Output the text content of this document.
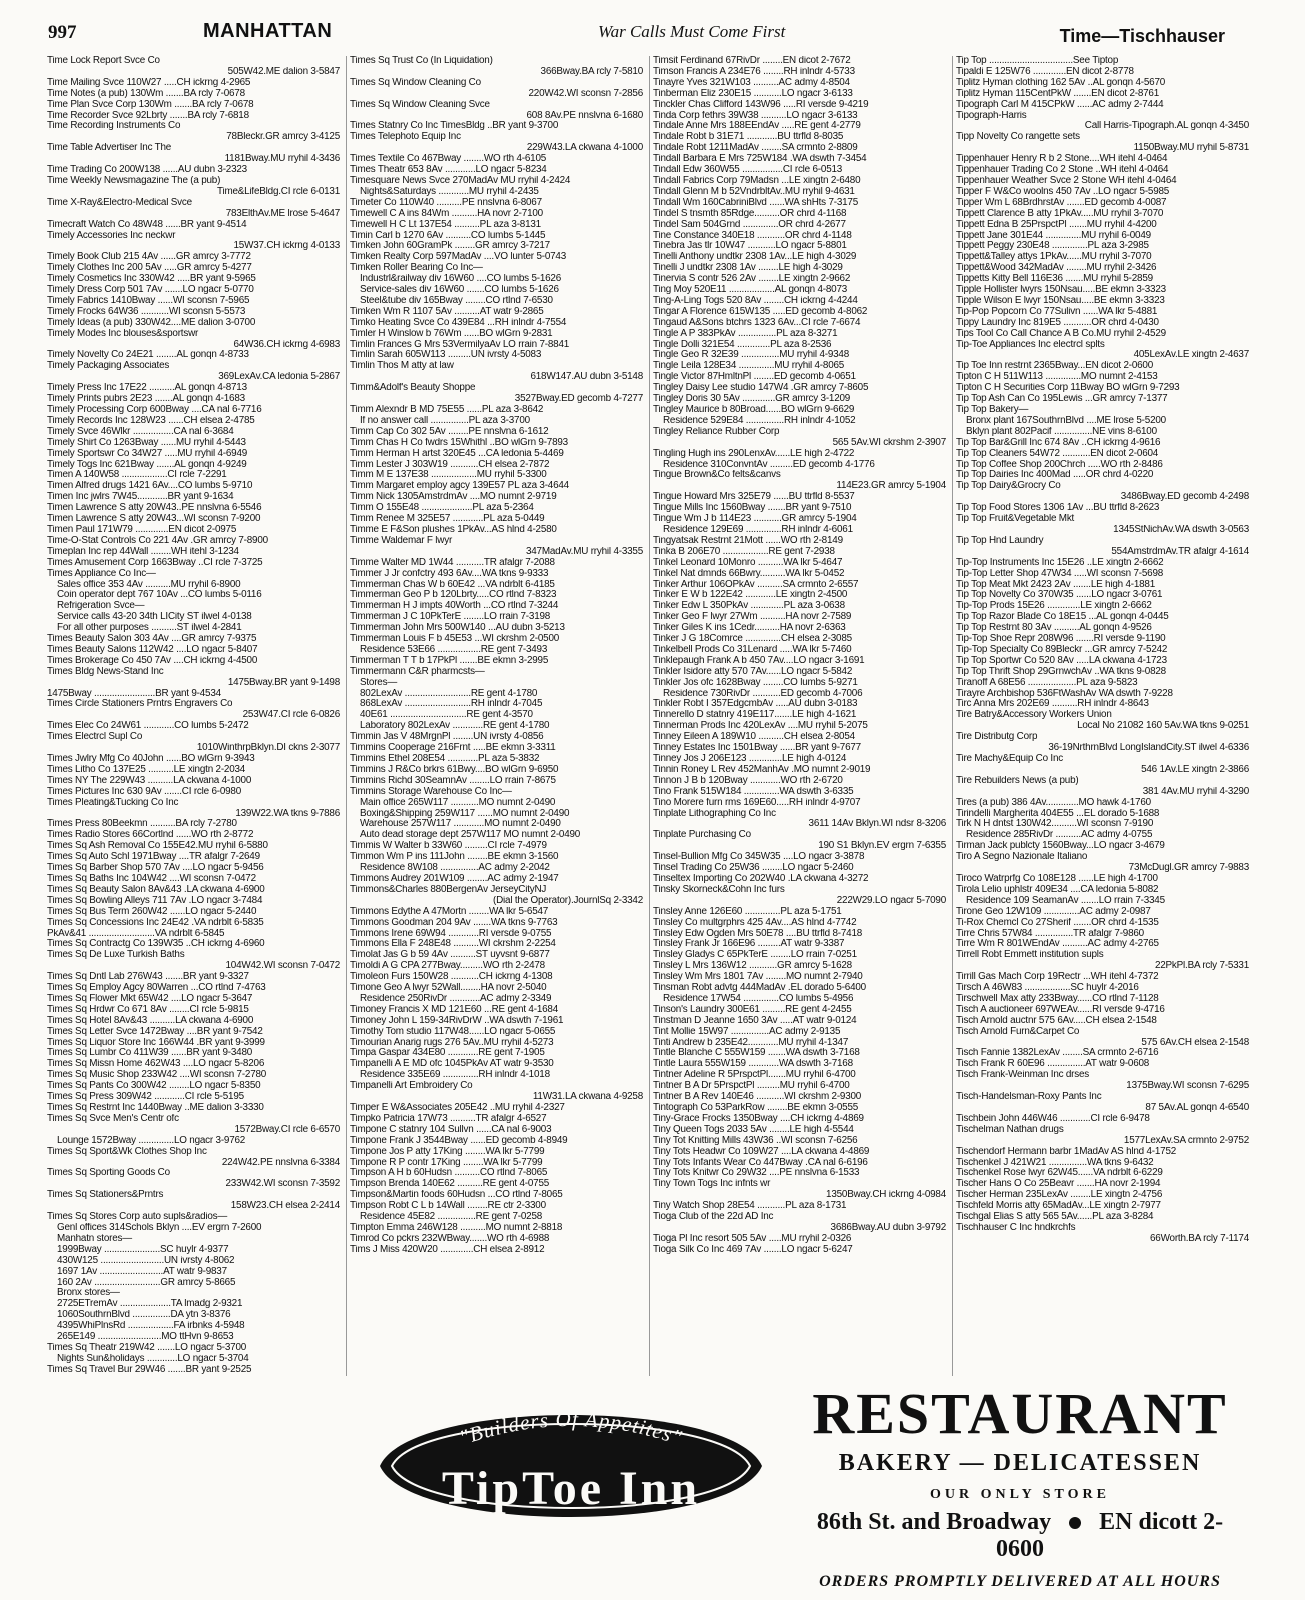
997	MANHATTAN	War Calls Must Come First	Time—Tischhauser
Time Lock Report Svce Co
505W42.ME dalion 3-5847
Time Mailing Svce 110W27 .....CH ickrng 4-2965
Time Notes (a pub) 130Wm .......BA rcly 7-0678
Time Plan Svce Corp 130Wm .......BA rcly 7-0678
Time Recorder Svce 92Lbrty .......BA rcly 7-6818
Time Recording Instruments Co
78Bleckr.GR amrcy 3-4125
Time Table Advertiser Inc The
1181Bway.MU rryhil 4-3436
Time Trading Co 200W138 ......AU dubn 3-2323
Time Weekly Newsmagazine The (a pub)
Time&LifeBldg.CI rcle 6-0131
Time X-Ray&Electro-Medical Svce
783ElthAv.ME lrose 5-4647
Timecraft Watch Co 48W48 ......BR yant 9-4514
Timely Accessories Inc neckwr
15W37.CH ickrng 4-0133
Timely Book Club 215 4Av ......GR amrcy 3-7772
Timely Clothes Inc 200 5Av .....GR amrcy 5-4277
Timely Cosmetics Inc 330W42 .....BR yant 9-5965
Timely Dress Corp 501 7Av .......LO ngacr 5-0770
Timely Fabrics 1410Bway ......WI sconsn 7-5965
Timely Frocks 64W36 ...........WI sconsn 5-5573
Timely Ideas (a pub) 330W42....ME dalion 3-0700
Timely Modes Inc blouses&sportswr
64W36.CH ickrng 4-6983
Timely Novelty Co 24E21 ........AL gonqn 4-8733
Timely Packaging Associates
369LexAv.CA ledonia 5-2867
Timely Press Inc 17E22 ..........AL gonqn 4-8713
Timely Prints pubrs 2E23 .......AL gonqn 4-1683
Timely Processing Corp 600Bway ....CA nal 6-7716
Timely Records Inc 128W23 ......CH elsea 2-4785
Timely Svce 46Wlkr ................CA nal 6-3684
Timely Shirt Co 1263Bway ......MU rryhil 4-5443
Timely Sportswr Co 34W27 .....MU rryhil 4-6949
Timely Togs Inc 621Bway .......AL gonqn 4-9249
Timen A 140W58 ..................CI rcle 7-2291
Timen Alfred drugs 1421 6Av....CO lumbs 5-9710
Timen Inc jwlrs 7W45............BR yant 9-1634
Timen Lawrence S atty 20W43..PE nnslvna 6-5546
Timen Lawrence S atty 20W43...WI sconsn 7-9200
Timen Paul 171W79 .............EN dicot 2-0975
Time-O-Stat Controls Co 221 4Av .GR amrcy 7-8900
Timeplan Inc rep 44Wall ........WH itehl 3-1234
Times Amusement Corp 1663Bway ..CI rcle 7-3725
Times Appliance Co Inc—
Sales office 353 4Av ..........MU rryhil 6-8900
Coin operator dept 767 10Av ...CO lumbs 5-0116
Refrigeration Svce—
Service calls 43-20 34th LICity ST ilwel 4-0138
For all other purposes ..........ST ilwel 4-2841
Times Beauty Salon 303 4Av ....GR amrcy 7-9375
Times Beauty Salons 112W42 ....LO ngacr 5-8407
Times Brokerage Co 450 7Av ....CH ickrng 4-4500
Times Bldg News-Stand Inc
1475Bway.BR yant 9-1498
1475Bway ........................BR yant 9-4534
Times Circle Stationers Prntrs Engravers Co
253W47.CI rcle 6-0826
Times Elec Co 24W61 ............CO lumbs 5-2472
Times Electrcl Supl Co
1010WinthrpBklyn.DI ckns 2-3077
Times Jwlry Mfg Co 40John ......BO wlGrn 9-3943
Times Litho Co 137E25 ..........LE xingtn 2-2034
Times NY The 229W43 ..........LA ckwana 4-1000
Times Pictures Inc 630 9Av .......CI rcle 6-0980
Times Pleating&Tucking Co Inc
139W22.WA tkns 9-7886
Times Press 80Beekmn ..........BA rcly 7-2780
Times Radio Stores 66Cortlnd ......WO rth 2-8772
Times Sq Ash Removal Co 155E42.MU rryhil 6-5880
Times Sq Auto Schl 1971Bway ....TR afalgr 7-2649
Times Sq Barber Shop 570 7Av ....LO ngacr 5-9456
Times Sq Baths Inc 104W42 ....WI sconsn 7-0472
Times Sq Beauty Salon 8Av&43 .LA ckwana 4-6900
Times Sq Bowling Alleys 711 7Av .LO ngacr 3-7484
Times Sq Bus Term 260W42 ......LO ngacr 5-2440
Times Sq Concessions Inc 24E42 .VA ndrblt 6-5835
PkAv&41 ..........................VA ndrblt 6-5845
Times Sq Contractg Co 139W35 ..CH ickrng 4-6960
Times Sq De Luxe Turkish Baths
104W42.WI sconsn 7-0472
Times Sq Dntl Lab 276W43 .......BR yant 9-3327
Times Sq Employ Agcy 80Warren ...CO rtlnd 7-4763
Times Sq Flower Mkt 65W42 ....LO ngacr 5-3647
Times Sq Hrdwr Co 671 8Av ........CI rcle 5-9815
Times Sq Hotel 8Av&43 ..........LA ckwana 4-6900
Times Sq Letter Svce 1472Bway ....BR yant 9-7542
Times Sq Liquor Store Inc 166W44 .BR yant 9-3999
Times Sq Lumbr Co 411W39 ......BR yant 9-3480
Times Sq Missn Home 462W43 ....LO ngacr 5-8206
Times Sq Music Shop 233W42 ....WI sconsn 7-2780
Times Sq Pants Co 300W42 ........LO ngacr 5-8350
Times Sq Press 309W42 ............CI rcle 5-5195
Times Sq Restrnt Inc 1440Bway ..ME dalion 3-3330
Times Sq Svce Men's Centr ofc
1572Bway.CI rcle 6-6570
Lounge 1572Bway ..............LO ngacr 3-9762
Times Sq Sport&Wk Clothes Shop Inc
224W42.PE nnslvna 6-3384
Times Sq Sporting Goods Co
233W42.WI sconsn 7-3592
Times Sq Stationers&Prntrs
158W23.CH elsea 2-2414
Times Sq Stores Corp auto supls&radios—
Genl offices 314Schols Bklyn ....EV ergrn 7-2600
Manhatn stores—
1999Bway ......................SC huylr 4-9377
430W125 .........................UN ivrsty 4-8062
1697 1Av .........................AT watr 9-9837
160 2Av ..........................GR amrcy 5-8665
Bronx stores—
2725ETremAv ....................TA lmadg 2-9321
1060SouthrnBlvd ...............DA ytn 3-8376
4395WhiPlnsRd ..................FA irbnks 4-5948
265E149 .........................MO ttHvn 9-8653
Times Sq Theatr 219W42 .......LO ngacr 5-3700
Nights Sun&holidays ............LO ngacr 5-3704
Times Sq Travel Bur 29W46 .......BR yant 9-2525
Times Sq Trust Co (In Liquidation)
366Bway.BA rcly 7-5810
Times Sq Window Cleaning Co
220W42.WI sconsn 7-2856
Times Sq Window Cleaning Svce
608 8Av.PE nnslvna 6-1680
Times Statnry Co Inc TimesBldg ..BR yant 9-3700
Times Telephoto Equip Inc
229W43.LA ckwana 4-1000
Times Textile Co 467Bway ........WO rth 4-6105
Times Theatr 653 8Av ............LO ngacr 5-8234
Timesquare News Svce 270MadAv MU rryhil 4-2424
Nights&Saturdays ............MU rryhil 4-2435
Timeter Co 110W40 ..........PE nnslvna 6-8067
Timewell C A ins 84Wm ..........HA novr 2-7100
Timewell H C Lt 137E54 ..........PL aza 3-8131
Timin Carl b 1270 6Av ..........CO lumbs 5-1445
Timken John 60GramPk ........GR amrcy 3-7217
Timken Realty Corp 597MadAv ....VO lunter 5-0743
Timken Roller Bearing Co Inc—
Industrl&railway div 16W60 ....CO lumbs 5-1626
Service-sales div 16W60 .......CO lumbs 5-1626
Steel&tube div 165Bway ........CO rtlnd 7-6530
Timken Wm R 1107 5Av ..........AT watr 9-2865
Timko Heating Svce Co 439E84 ...RH inlndr 4-7554
Timler H Winslow b 76Wm ......BO wlGrn 9-2831
Timlin Frances G Mrs 53VermilyaAv LO rrain 7-8841
Timlin Sarah 605W113 .........UN ivrsty 4-5083
Timlin Thos M atty at law
618W147.AU dubn 3-5148
Timm&Adolf's Beauty Shoppe
3527Bway.ED gecomb 4-7277
Timm Alexndr B MD 75E55 ......PL aza 3-8642
If no answer call ...............PL aza 3-3700
Timm Cap Co 302 5Av ........PE nnslvna 6-1612
Timm Chas H Co fwdrs 15Whithl ..BO wlGrn 9-7893
Timm Herman H artst 320E45 ...CA ledonia 5-4469
Timm Lester J 303W19 ...........CH elsea 2-7872
Timm M E 137E38 ..................MU rryhil 5-3300
Timm Margaret employ agcy 139E57 PL aza 3-4644
Timm Nick 1305AmstrdmAv ....MO numnt 2-9719
Timm O 155E48 ....................PL aza 5-2364
Timm Renee M 325E57 ............PL aza 5-0449
Timme E F&Son plushes 1PkAv...AS hlnd 4-2580
Timme Waldemar F lwyr
347MadAv.MU rryhil 4-3355
Timme Walter MD 1W44 ...........TR afalgr 7-2088
Timmer J Jr confctry 493 6Av....WA tkns 9-9333
Timmerman Chas W b 60E42 ...VA ndrblt 6-4185
Timmerman Geo P b 120Lbrty.....CO rtlnd 7-8323
Timmerman H J impts 40Worth ...CO rtlnd 7-3244
Timmerman J C 10PkTerE ........LO rrain 7-3198
Timmerman John Mrs 500W140 ...AU dubn 3-5213
Timmerman Louis F b 45E53 ...WI ckrshm 2-0500
Residence 53E66 .................RE gent 7-3493
Timmerman T T b 17PkPl .......BE ekmn 3-2995
Timmermann C&R pharmcsts—
Stores—
802LexAv ..........................RE gent 4-1780
868LexAv ..........................RH inlndr 4-7045
40E61 ..............................RE gent 4-3570
Laboratory 802LexAv ............RE gent 4-1780
Timmin Jas V 48MrgnPl ........UN ivrsty 4-0856
Timmins Cooperage 216Frnt .....BE ekmn 3-3311
Timmins Ethel 208E54 ............PL aza 5-3832
Timmins J R&Co brkrs 61Bwy....BO wlGrn 9-6950
Timmins Richd 30SeamnAv ........LO rrain 7-8675
Timmins Storage Warehouse Co Inc—
Main office 265W117 ...........MO numnt 2-0490
Boxing&Shipping 259W117 ......MO numnt 2-0490
Warehouse 257W117 ............MO numnt 2-0490
Auto dead storage dept 257W117 MO numnt 2-0490
Timmis W Walter b 33W60 .........CI rcle 7-4979
Timmon Wm P ins 111John ........BE ekmn 3-1560
Residence 8W108 ...............AC admy 2-2042
Timmons Audrey 201W109 ........AC admy 2-1947
Timmons&Charles 880BergenAv JerseyCityNJ
(Dial the Operator).JournlSq 2-3342
Timmons Edythe A 47Mortn ........WA lkr 5-6547
Timmons Goodman 204 9Av .......WA tkns 9-7763
Timmons Irene 69W94 ............RI versde 9-0755
Timmons Ella F 248E48 ..........WI ckrshm 2-2254
Timolat Jas G b 59 4Av ..........ST uyvsnt 9-6877
Timoldi A G CPA 277Bway.........WO rth 2-2478
Timoleon Furs 150W28 ...........CH ickrng 4-1308
Timone Geo A lwyr 52Wall........HA novr 2-5040
Residence 250RivDr ............AC admy 2-3349
Timoney Francis X MD 121E60 ...RE gent 4-1684
Timoney John L 159-34RivDrW ..WA dswth 7-1961
Timothy Tom studio 117W48......LO ngacr 5-0655
Timourian Anarig rugs 276 5Av..MU rryhil 4-5273
Timpa Gaspar 434E80 ............RE gent 7-1905
Timpanelli A E MD ofc 1045PkAv AT watr 9-3530
Residence 335E69 ..............RH inlndr 4-1018
Timpanelli Art Embroidery Co
11W31.LA ckwana 4-9258
Timper E W&Associates 205E42 ..MU rryhil 4-2327
Timpko Patricia 17W73 ..........TR afalgr 4-6527
Timpone C statnry 104 Sullvn ......CA nal 6-9003
Timpone Frank J 3544Bway ......ED gecomb 4-8949
Timpone Jos P atty 17King ........WA lkr 5-7799
Timpone R P contr 17King ........WA lkr 5-7799
Timpson A H b 60Hudsn ..........CO rtlnd 7-8065
Timpson Brenda 140E62 ..........RE gent 4-0755
Timpson&Martin foods 60Hudsn ...CO rtlnd 7-8065
Timpson Robt C L b 14Wall ........RE ctr 2-3300
Residence 45E82 ...............RE gent 7-0258
Timpton Emma 246W128 ..........MO numnt 2-8818
Timrod Co pckrs 232WBway.......WO rth 4-6988
Tims J Miss 420W20 .............CH elsea 2-8912
Timsit Ferdinand 67RivDr ........EN dicot 2-7672
Timson Francis A 234E76 ........RH inlndr 4-5733
Tinayre Yves 321W103 ..........AC admy 4-8504
Tinberman Eliz 230E15 ...........LO ngacr 3-6133
Tinckler Chas Clifford 143W96 .....RI versde 9-4219
Tinda Corp fethrs 39W38 ..........LO ngacr 3-6133
Tindale Anne Mrs 188EEndAv .....RE gent 4-2779
Tindale Robt b 31E71 ............BU ttrfld 8-8035
Tindale Robt 1211MadAv ........SA crmnto 2-8809
Tindall Barbara E Mrs 725W184 .WA dswth 7-3454
Tindall Edw 360W55 ................CI rcle 6-0513
Tindall Fabrics Corp 79Madsn ...LE xingtn 2-6480
Tindall Glenn M b 52VndrbltAv..MU rryhil 9-4631
Tindall Wm 160CabriniBlvd ......WA shHts 7-3175
Tindel S tnsmth 85Rdge..........OR chrd 4-1168
Tindel Sam 504Grnd ..............OR chrd 4-2677
Tine Constance 340E18 ...........OR chrd 4-1148
Tinebra Jas tlr 10W47 ...........LO ngacr 5-8801
Tinelli Anthony undtkr 2308 1Av...LE high 4-3029
Tinelli J undtkr 2308 1Av ........LE high 4-3029
Tinervia S contr 526 2Av ........LE xingtn 2-9662
Ting Moy 520E11 ..................AL gonqn 4-8073
Ting-A-Ling Togs 520 8Av ........CH ickrng 4-4244
Tingar A Florence 615W135 .....ED gecomb 4-8062
Tingaud A&Sons btchrs 1323 6Av...CI rcle 7-6674
Tingle A P 383PkAv ...............PL aza 8-3271
Tingle Dolli 321E54 .............PL aza 8-2536
Tingle Geo R 32E39 ...............MU rryhil 4-9348
Tingle Leila 128E34 ..............MU rryhil 4-8065
Tingle Victor 87HmltnPl ........ED gecomb 4-0651
Tingley Daisy Lee studio 147W4 .GR amrcy 7-8605
Tingley Doris 30 5Av .............GR amrcy 3-1209
Tingley Maurice b 80Broad......BO wlGrn 9-6629
Residence 529E84 ...............RH inlndr 4-1052
Tingley Reliance Rubber Corp
565 5Av.WI ckrshm 2-3907
Tingling Hugh ins 290LenxAv......LE high 2-4722
Residence 310ConvntAv .........ED gecomb 4-1776
Tingue Brown&Co felts&canvs
114E23.GR amrcy 5-1904
Tingue Howard Mrs 325E79 ......BU ttrfld 8-5537
Tingue Mills Inc 1560Bway .......BR yant 9-7510
Tingue Wm J b 114E23 ...........GR amrcy 5-1904
Residence 129E69 ..............RH inlndr 4-6061
Tingyatsak Restrnt 21Mott ......WO rth 2-8149
Tinka B 206E70 ..................RE gent 7-2938
Tinkel Leonard 10Monro ..........WA lkr 5-4647
Tinkel Nat dmnds 66Bwry..........WA lkr 5-0452
Tinker Arthur 106OPkAv ..........SA crmnto 2-6557
Tinker E W b 122E42 ............LE xingtn 2-4500
Tinker Edw L 350PkAv .............PL aza 3-0638
Tinker Geo F lwyr 27Wm ..........HA novr 2-7589
Tinker Giles K ins 1Cedr..........HA novr 2-6363
Tinker J G 18Comrce ..............CH elsea 2-3085
Tinkelbell Prods Co 31Lenard .....WA lkr 5-7460
Tinklepaugh Frank A b 450 7Av....LO ngacr 3-1691
Tinkler Isidore atty 570 7Av......LO ngacr 5-5842
Tinkler Jos ofc 1628Bway ........CO lumbs 5-9271
Residence 730RivDr ...........ED gecomb 4-7006
Tinkler Robt I 357EdgcmbAv .....AU dubn 3-0183
Tinnerello D statnry 419E117.......LE high 4-1621
Tinnerman Prods Inc 420LexAv ....MU rryhil 5-2075
Tinney Eileen A 189W10 ..........CH elsea 2-8054
Tinney Estates Inc 1501Bway ......BR yant 9-7677
Tinney Jos J 206E123 .............LE high 4-0124
Tinnin Roney L Rev 452ManhAv .MO numnt 2-9019
Tinnon J B b 120Bway ............WO rth 2-6720
Tino Frank 515W184 ..............WA dswth 3-6335
Tino Morere furn rms 169E60.....RH inlndr 4-9707
Tinplate Lithographing Co Inc
3611 14Av Bklyn.WI ndsr 8-3206
Tinplate Purchasing Co
190 S1 Bklyn.EV ergrn 7-6355
Tinsel-Bullion Mfg Co 345W35 ....LO ngacr 3-3878
Tinsel Trading Co 25W36 ........LO ngacr 5-2460
Tinseltex Importing Co 202W40 .LA ckwana 4-3272
Tinsky Skorneck&Cohn Inc furs
222W29.LO ngacr 5-7090
Tinsley Anne 126E60 ..............PL aza 5-1751
Tinsley Co multgrphrs 425 4Av....AS hlnd 4-7742
Tinsley Edw Ogden Mrs 50E78 ....BU ttrfld 8-7418
Tinsley Frank Jr 166E96 .........AT watr 9-3387
Tinsley Gladys C 65PkTerE ........LO rrain 7-0251
Tinsley L Mrs 136W12 ...........GR amrcy 5-1628
Tinsley Wm Mrs 1801 7Av ........MO numnt 2-7940
Tinsman Robt advtg 444MadAv .EL dorado 5-6400
Residence 17W54 ..............CO lumbs 5-4956
Tinson's Laundry 300E61 .........RE gent 4-2455
Tinstman D Jeanne 1650 3Av .....AT watr 9-0124
Tint Mollie 15W97 ...............AC admy 2-9135
Tinti Andrew b 235E42............MU rryhil 4-1347
Tintle Blanche C 555W159 .......WA dswth 3-7168
Tintle Laura 555W159 ............WA dswth 3-7168
Tintner Adeline R 5PrspctPl.......MU rryhil 6-4700
Tintner B A Dr 5PrspctPl .........MU rryhil 6-4700
Tintner B A Rev 140E46 ...........WI ckrshm 2-9300
Tintograph Co 53ParkRow ........BE ekmn 3-0555
Tiny-Grace Frocks 1350Bway ....CH ickrng 4-4869
Tiny Queen Togs 2033 5Av ........LE high 4-5544
Tiny Tot Knitting Mills 43W36 ..WI sconsn 7-6256
Tiny Tots Headwr Co 109W27 ....LA ckwana 4-4869
Tiny Tots Infants Wear Co 447Bway .CA nal 6-6196
Tiny Tots Knitwr Co 29W32 ....PE nnslvna 6-1533
Tiny Town Togs Inc infnts wr
1350Bway.CH ickrng 4-0984
Tiny Watch Shop 28E54 ...........PL aza 8-1731
Tioga Club of the 22d AD Inc
3686Bway.AU dubn 3-9792
Tioga Pl Inc resort 505 5Av .....MU rryhil 2-0326
Tioga Silk Co Inc 469 7Av .......LO ngacr 5-6247
Tip Top .................................See Tiptop
Tipaldi E 125W76 .............EN dicot 2-8778
Tiplitz Hyman clothing 162 5Av ..AL gonqn 4-5670
Tiplitz Hyman 115CentPkW .......EN dicot 2-8761
Tipograph Carl M 415CPkW ......AC admy 2-7444
Tipograph-Harris
Call Harris-Tipograph.AL gonqn 4-3450
Tipp Novelty Co rangette sets
1150Bway.MU rryhil 5-8731
Tippenhauer Henry R b 2 Stone....WH itehl 4-0464
Tippenhauer Trading Co 2 Stone ..WH itehl 4-0464
Tippenhauer Weather Svce 2 Stone WH itehl 4-0464
Tipper F W&Co woolns 450 7Av ..LO ngacr 5-5985
Tipper Wm L 68BrdhrstAv .......ED gecomb 4-0087
Tippett Clarence B atty 1PkAv.....MU rryhil 3-7070
Tippett Edna B 25PrspctPl .......MU rryhil 4-4200
Tippett Jane 301E44 ..............MU rryhil 6-0049
Tippett Peggy 230E48 ..............PL aza 3-2985
Tippett&Talley attys 1PkAv......MU rryhil 3-7070
Tippett&Wood 342MadAv ........MU rryhil 2-3426
Tippetts Kitty Bell 116E36 .......MU rryhil 5-2859
Tipple Hollister lwyrs 150Nsau.....BE ekmn 3-3323
Tipple Wilson E lwyr 150Nsau.....BE ekmn 3-3323
Tip-Pop Popcorn Co 77Sulivn ......WA lkr 5-4881
Tippy Laundry Inc 819E5 ...........OR chrd 4-0430
Tips Tool Co Call Chance A B Co.MU rryhil 2-4529
Tip-Toe Appliances Inc electrcl splts
405LexAv.LE xingtn 2-4637
Tip Toe Inn restrnt 2365Bway...EN dicot 2-0600
Tipton C H 511W113 ..............MO numnt 2-4153
Tipton C H Securities Corp 11Bway BO wlGrn 9-7293
Tip Top Ash Can Co 195Lewis ...GR amrcy 7-1377
Tip Top Bakery—
Bronx plant 167SouthrnBlvd ....ME lrose 5-5200
Bklyn plant 802Pacif ...............NE vins 8-6100
Tip Top Bar&Grill Inc 674 8Av ..CH ickrng 4-9616
Tip Top Cleaners 54W72 ...........EN dicot 2-0604
Tip Top Coffee Shop 200Chrch .....WO rth 2-8486
Tip Top Dairies Inc 400Mad .....OR chrd 4-0220
Tip Top Dairy&Grocry Co
3486Bway.ED gecomb 4-2498
Tip Top Food Stores 1306 1Av ...BU ttrfld 8-2623
Tip Top Fruit&Vegetable Mkt
1345StNichAv.WA dswth 3-0563
Tip Top Hnd Laundry
554AmstrdmAv.TR afalgr 4-1614
Tip-Top Instruments Inc 15E26 ..LE xingtn 2-6662
Tip-Top Letter Shop 47W34 .....WI sconsn 7-5698
Tip Top Meat Mkt 2423 2Av .......LE high 4-1881
Tip Top Novelty Co 370W35 ......LO ngacr 3-0761
Tip-Top Prods 15E26 .............LE xingtn 2-6662
Tip Top Razor Blade Co 18E15 ...AL gonqn 4-0445
Tip Top Restrnt 80 3Av ..........AL gonqn 4-9526
Tip-Top Shoe Repr 208W96 .......RI versde 9-1190
Tip-Top Specialty Co 89Bleckr ...GR amrcy 7-5242
Tip Top Sportwr Co 520 8Av .....LA ckwana 4-1723
Tip Top Thrift Shop 29GrnwchAv ..WA tkns 9-0828
Tiranoff A 68E56 ...................PL aza 9-5823
Tirayre Archbishop 536FtWashAv WA dswth 7-9228
Tirc Anna Mrs 202E69 ..........RH inlndr 4-8643
Tire Batry&Accessory Workers Union
Local No 21082 160 5Av.WA tkns 9-0251
Tire Distributg Corp
36-19NrthrnBlvd LongIslandCity.ST ilwel 4-6336
Tire Machy&Equip Co Inc
546 1Av.LE xingtn 2-3866
Tire Rebuilders News (a pub)
381 4Av.MU rryhil 4-3290
Tires (a pub) 386 4Av.............MO hawk 4-1760
Tirindelli Margherita 404E55 ...EL dorado 5-1688
Tirk N H dntst 130W42..........WI sconsn 7-9190
Residence 285RivDr ..........AC admy 4-0755
Tirman Jack publcty 1560Bway...LO ngacr 3-4679
Tiro A Segno Nazionale Italiano
73McDugl.GR amrcy 7-9883
Tiroco Watrprfg Co 108E128 ......LE high 4-1700
Tirola Lelio uphlstr 409E34 ....CA ledonia 5-8082
Residence 109 SeamanAv .......LO rrain 7-3345
Tirone Geo 12W109 ..............AC admy 2-0987
Ti-Rox Chemcl Co 27Sherif .......OR chrd 4-1535
Tirre Chris 57W84 ...............TR afalgr 7-9860
Tirre Wm R 801WEndAv ..........AC admy 4-2765
Tirrell Robt Emmett institution supls
22PkPl.BA rcly 7-5331
Tirrill Gas Mach Corp 19Rectr ...WH itehl 4-7372
Tirsch A 46W83 ..................SC huylr 4-2016
Tirschwell Max atty 233Bway......CO rtlnd 7-1128
Tisch A auctioneer 697WEAv......RI versde 9-4716
Tisch Arnold auctnr 575 6Av.....CH elsea 2-1548
Tisch Arnold Furn&Carpet Co
575 6Av.CH elsea 2-1548
Tisch Fannie 1382LexAv ........SA crmnto 2-6716
Tisch Frank R 60E96 ...............AT watr 9-0608
Tisch Frank-Weinman Inc drses
1375Bway.WI sconsn 7-6295
Tisch-Handelsman-Roxy Pants Inc
87 5Av.AL gonqn 4-6540
Tischbein John 446W46 ............CI rcle 6-9478
Tischelman Nathan drugs
1577LexAv.SA crmnto 2-9752
Tischendorf Hermann barbr 1MadAv AS hlnd 4-1752
Tischenkel J 421W21 ...............WA tkns 9-6432
Tischenkel Rose lwyr 62W45......VA ndrblt 6-6229
Tischer Hans O Co 25Beavr .......HA novr 2-1994
Tischer Herman 235LexAv ........LE xingtn 2-4756
Tischfeld Morris atty 65MadAv...LE xingtn 2-7977
Tischgal Elias S atty 565 5Av......PL aza 3-8284
Tischhauser C Inc hndkrchfs
66Worth.BA rcly 7-1174
"Builders Of Appetites"
TipToe Inn
RESTAURANT
BAKERY — DELICATESSEN
OUR ONLY STORE
86th St. and Broadway EN dicott 2-0600
ORDERS PROMPTLY DELIVERED AT ALL HOURS
